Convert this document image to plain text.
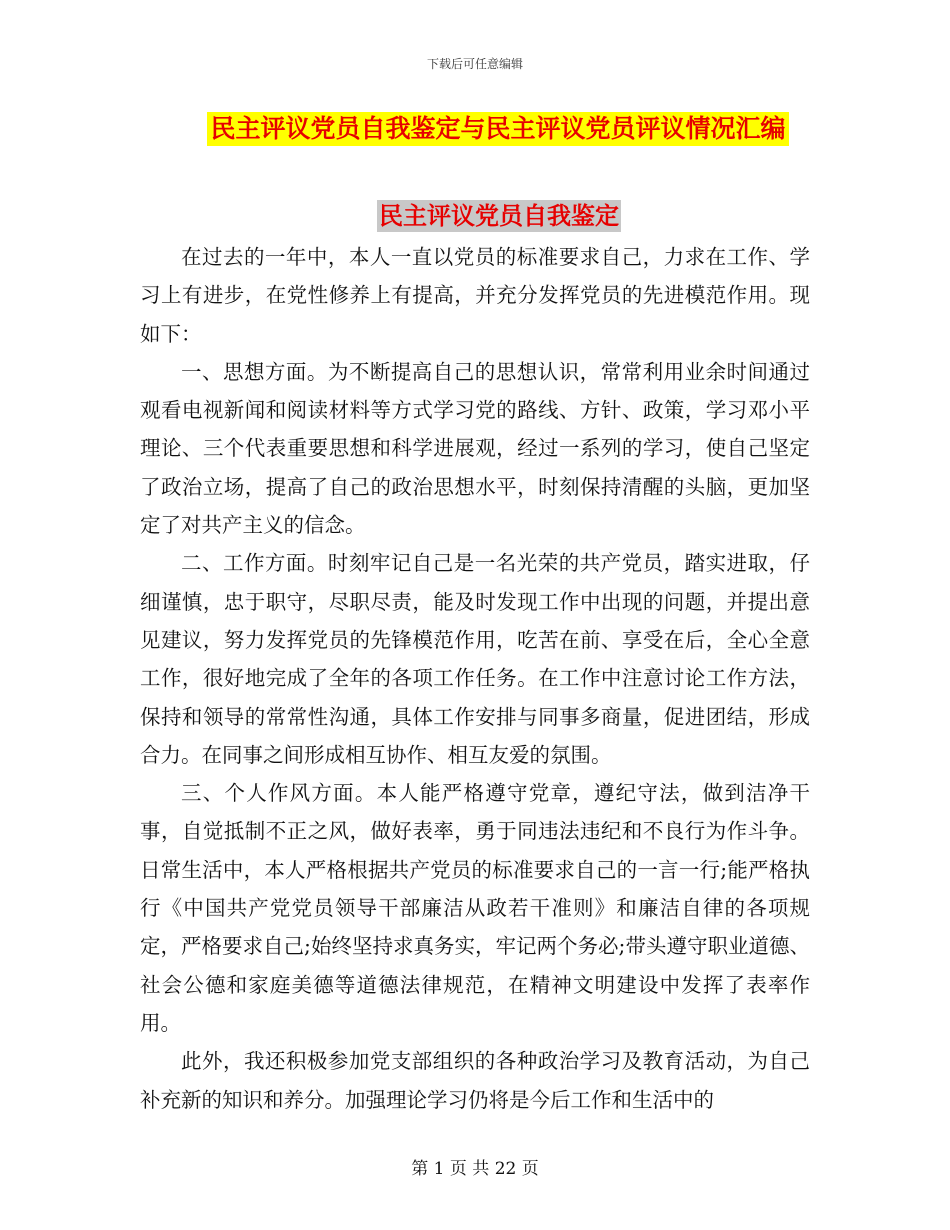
下载后可任意编辑
民主评议党员自我鉴定与民主评议党员评议情况汇编
民主评议党员自我鉴定

在过去的一年中，本人一直以党员的标准要求自己，力求在工作、学习上有进步，在党性修养上有提高，并充分发挥党员的先进模范作用。现如下：

一、思想方面。为不断提高自己的思想认识，常常利用业余时间通过观看电视新闻和阅读材料等方式学习党的路线、方针、政策，学习邓小平理论、三个代表重要思想和科学进展观，经过一系列的学习，使自己坚定了政治立场，提高了自己的政治思想水平，时刻保持清醒的头脑，更加坚定了对共产主义的信念。

二、工作方面。时刻牢记自己是一名光荣的共产党员，踏实进取，仔细谨慎，忠于职守，尽职尽责，能及时发现工作中出现的问题，并提出意见建议，努力发挥党员的先锋模范作用，吃苦在前、享受在后，全心全意工作，很好地完成了全年的各项工作任务。在工作中注意讨论工作方法，保持和领导的常常性沟通，具体工作安排与同事多商量，促进团结，形成合力。在同事之间形成相互协作、相互友爱的氛围。

三、个人作风方面。本人能严格遵守党章，遵纪守法，做到洁净干事，自觉抵制不正之风，做好表率，勇于同违法违纪和不良行为作斗争。日常生活中，本人严格根据共产党员的标准要求自己的一言一行;能严格执行《中国共产党党员领导干部廉洁从政若干准则》和廉洁自律的各项规定，严格要求自己;始终坚持求真务实，牢记两个务必;带头遵守职业道德、社会公德和家庭美德等道德法律规范，在精神文明建设中发挥了表率作用。

此外，我还积极参加党支部组织的各种政治学习及教育活动，为自己补充新的知识和养分。加强理论学习仍将是今后工作和生活中的

第 1 页 共 22 页
